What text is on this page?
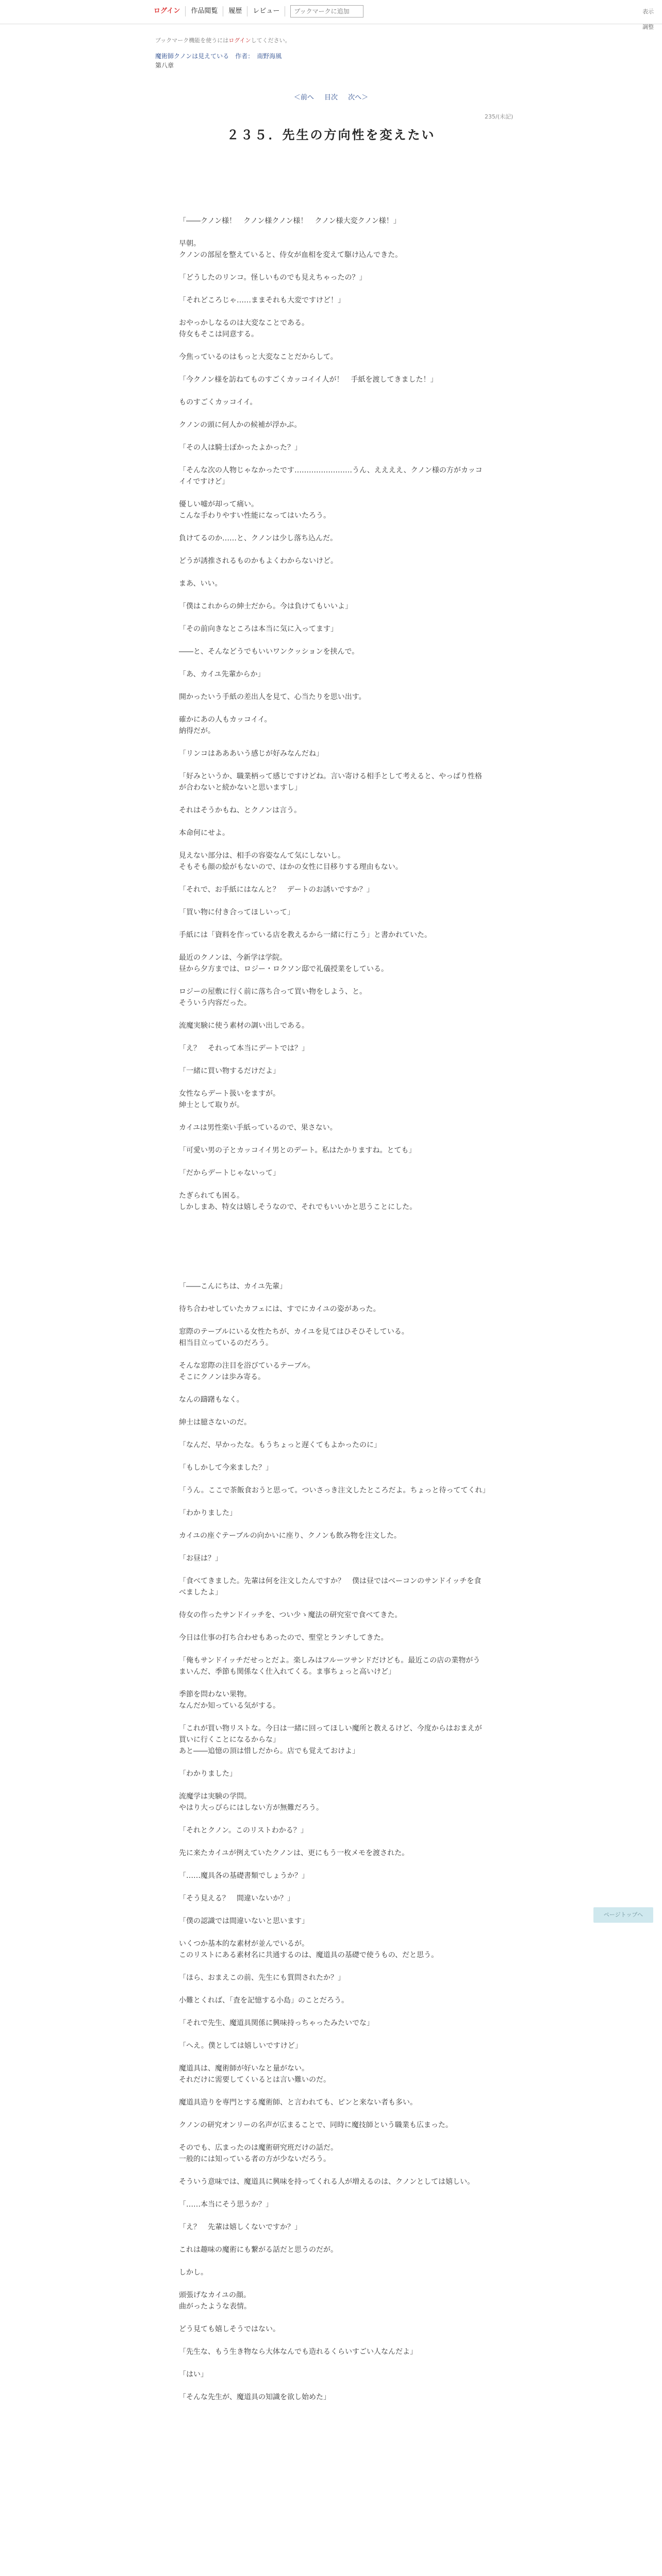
ログイン	作品閲覧	履歴	レビュー
ブックマークに追加	表示調整
ブックマーク機能を使うにはログインしてください。
魔術師クノンは見えている　作者：　南野海風
第八章
＜前へ 目次 次へ＞
235/(未記)
２３５．先生の方向性を変えたい

「――クノン様！　クノン様クノン様！　クノン様大変クノン様！」

早朝。

クノンの部屋を整えていると、侍女が血相を変えて駆け込んできた。

「どうしたのリンコ。怪しいものでも見えちゃったの？」

「それどころじゃ……ままそれも大変ですけど！」

おやっかしなるのは大変なことである。

侍女もそこは同意する。

今焦っているのはもっと大変なことだからして。

「今クノン様を訪ねてものすごくカッコイイ人が！　手紙を渡してきました！」

ものすごくカッコイイ。

クノンの頭に何人かの候補が浮かぶ。

「その人は騎士ぽかったよかった？」

「そんな次の人物じゃなかったです……………………うん、ええええ、クノン様の方がカッコイイですけど」

優しい嘘が却って痛い。

こんな手わりやすい性能になってはいたろう。

負けてるのか……と、クノンは少し落ち込んだ。

どうが誘推されるものかもよくわからないけど。

まあ、いい。

「僕はこれからの紳士だから。今は負けてもいいよ」

「その前向きなところは本当に気に入ってます」

――と、そんなどうでもいいワンクッションを挟んで。

「あ、カイユ先輩からか」

開かったいう手紙の差出人を見て、心当たりを思い出す。

確かにあの人もカッコイイ。

納得だが。

「リンコはあああいう感じが好みなんだね」

「好みというか、職業柄って感じですけどね。言い寄ける相手として考えると、やっぱり性格が合わないと続かないと思いますし」

それはそうかもね、とクノンは言う。

本命何にせよ。

見えない部分は、相手の容姿なんて気にしないし。

そもそも顔の絵がもないので、ほかの女性に目移りする理由もない。

「それで、お手紙にはなんと？　デートのお誘いですか？」

「買い物に付き合ってほしいって」

手紙には「資料を作っている店を教えるから一緒に行こう」と書かれていた。

最近のクノンは、今新学は学院。

昼から夕方までは、ロジー・ロクソン邸で礼儀授業をしている。

ロジーの屋敷に行く前に落ち合って買い物をしよう、と。

そういう内容だった。

流魔実験に使う素材の調い出しである。

「え？　それって本当にデートでは？」

「一緒に買い物するだけだよ」

女性ならデート扱いをますが。

紳士として取りが。

カイユは男性楽い手紙っているので、果さない。

「可愛い男の子とカッコイイ男とのデート。私はたかりますね。とても」

「だからデートじゃないって」

たぎられても困る。

しかしまあ、特女は嬉しそうなので、それでもいいかと思うことにした。

「――こんにちは、カイユ先輩」

待ち合わせしていたカフェには、すでにカイユの姿があった。

窓際のテーブルにいる女性たちが、カイユを見てはひそひそしている。

相当目立っているのだろう。

そんな窓際の注目を浴びているテーブル。

そこにクノンは歩み寄る。

なんの躊躇もなく。

紳士は臆さないのだ。

「なんだ、早かったな。もうちょっと遅くてもよかったのに」

「もしかして今来ました？」

「うん。ここで茶飯食おうと思って。ついさっき注文したところだよ。ちょっと待っててくれ」

「わかりました」

カイユの座ぐテーブルの向かいに座り、クノンも飲み物を注文した。

「お昼は？」

「食べてきました。先輩は何を注文したんですか？　僕は昼ではベーコンのサンドイッチを食べましたよ」

侍女の作ったサンドイッチを、つい少ゝ魔法の研究室で食べてきた。

今日は仕事の打ち合わせもあったので、聖堂とランチしてきた。

「俺もサンドイッチだせっとだよ。楽しみはフルーツサンドだけども。最近この店の業物がうまいんだ、季節も関係なく仕入れてくる。ま事ちょっと高いけど」

季節を問わない果物。

なんだか知っている気がする。

「これが買い物リストな。今日は一緒に回ってほしい魔所と教えるけど、今度からはおまえが買いに行くことになるからな」

あと――追憶の頂は惜しだから。店でも覚えておけよ」

「わかりました」

流魔学は実験の学問。

やはり大っぴらにはしない方が無難だろう。

「それとクノン。このリストわかる？」

先に来たカイユが例えていたクノンは、更にもう一枚メモを渡された。

「……魔具各の基礎書類でしょうか？」

「そう見える？　間違いないか？」

「僕の認識では間違いないと思います」

いくつか基本的な素材が並んでいるが。

このリストにある素材名に共通するのは、魔道具の基礎で使うもの、だと思う。

「ほら、おまえこの前、先生にも質問されたか？」

小難とくれば、「査を記憶する小島」のことだろう。

「それで先生、魔道具関係に興味持っちゃったみたいでな」

「へえ。僕としては嬉しいですけど」

魔道具は、魔術師が好いなと量がない。

それだけに需要してくいるとは言い難いのだ。

魔道具造りを専門とする魔術師、と言われても、ピンと来ない者も多い。

クノンの研究オンリーの名声が広まることで、同時に魔技師という職業も広まった。

そのでも、広まったのは魔術研究班だけの話だ。

一般的には知っている者の方が少ないだろう。

そういう意味では、魔道具に興味を持ってくれる人が増えるのは、クノンとしては嬉しい。

「……本当にそう思うか？」

「え？　先輩は嬉しくないですか？」

これは趣味の魔術にも繋がる話だと思うのだが。

しかし。

頭張げなカイユの顔。

曲がったような表情。

どう見ても嬉しそうではない。

「先生な、もう生き物なら大体なんでも造れるくらいすごい人なんだよ」

「はい」

「そんな先生が、魔道具の知識を欲し始めた」

ページトップへ
